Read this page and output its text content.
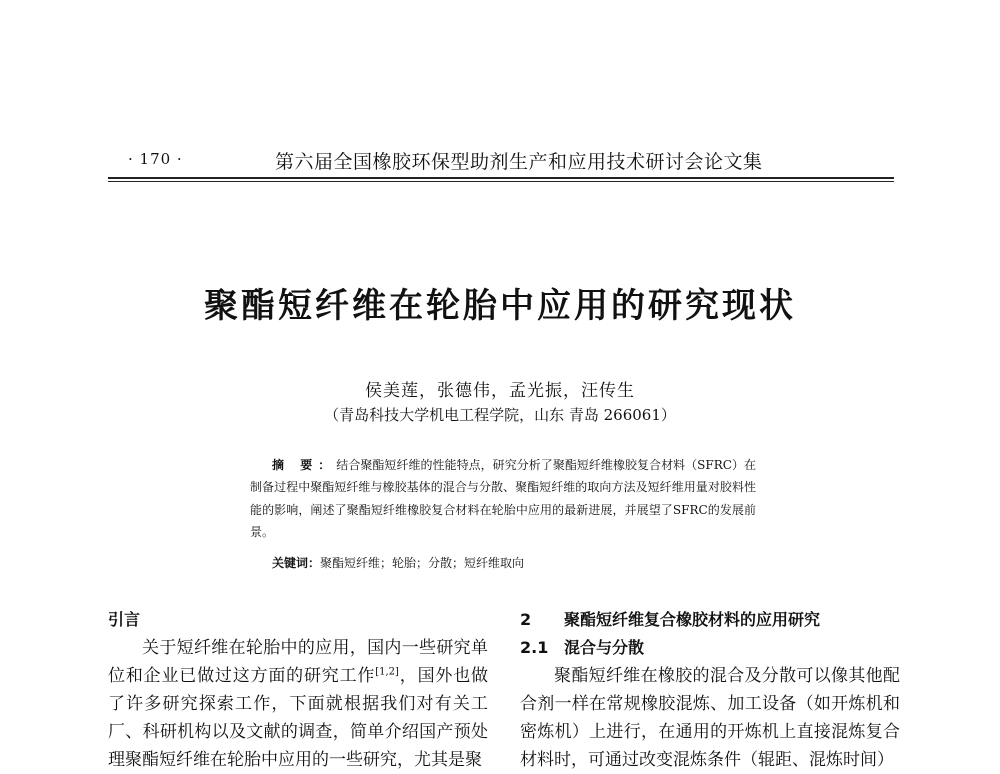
· 170 ·	第六届全国橡胶环保型助剂生产和应用技术研讨会论文集
聚酯短纤维在轮胎中应用的研究现状
侯美莲，张德伟，孟光振，汪传生
（青岛科技大学机电工程学院，山东 青岛 266061）
摘 要：结合聚酯短纤维的性能特点，研究分析了聚酯短纤维橡胶复合材料（SFRC）在制备过程中聚酯短纤维与橡胶基体的混合与分散、聚酯短纤维的取向方法及短纤维用量对胶料性能的影响，阐述了聚酯短纤维橡胶复合材料在轮胎中应用的最新进展，并展望了SFRC的发展前景。
关键词：聚酯短纤维；轮胎；分散；短纤维取向
引言
关于短纤维在轮胎中的应用，国内一些研究单位和企业已做过这方面的研究工作[1,2]，国外也做了许多研究探索工作，下面就根据我们对有关工厂、科研机构以及文献的调查，简单介绍国产预处理聚酯短纤维在轮胎中应用的一些研究，尤其是聚
2 聚酯短纤维复合橡胶材料的应用研究
2.1 混合与分散
聚酯短纤维在橡胶的混合及分散可以像其他配合剂一样在常规橡胶混炼、加工设备（如开炼机和密炼机）上进行，在通用的开炼机上直接混炼复合材料时，可通过改变混炼条件（辊距、混炼时间）
